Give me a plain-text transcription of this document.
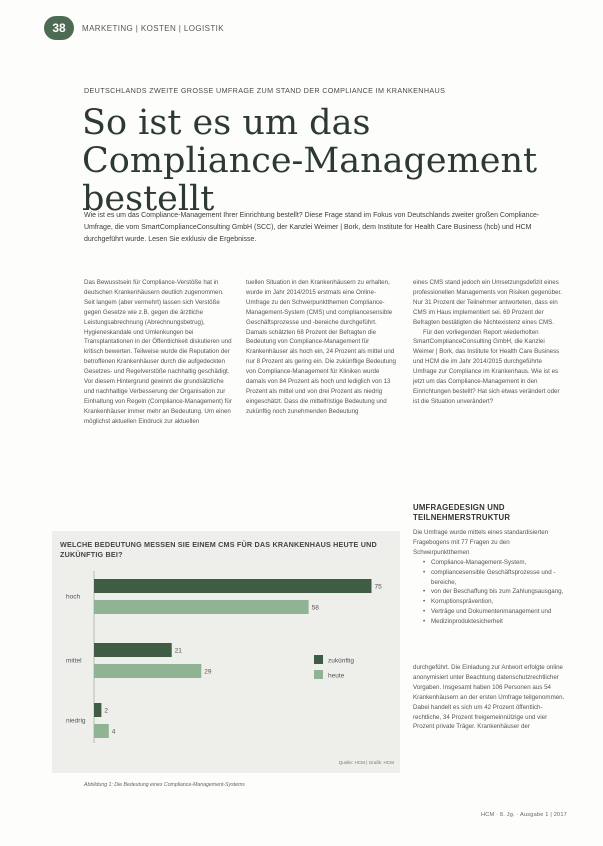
38	MARKETING | KOSTEN | LOGISTIK
DEUTSCHLANDS ZWEITE GROSSE UMFRAGE ZUM STAND DER COMPLIANCE IM KRANKENHAUS
So ist es um das Compliance-Management bestellt

Wie ist es um das Compliance-Management Ihrer Einrichtung bestellt? Diese Frage stand im Fokus von Deutschlands zweiter großen Compliance-Umfrage, die vom SmartComplianceConsulting GmbH (SCC), der Kanzlei Weimer | Bork, dem Institute for Health Care Business (hcb) und HCM durchgeführt wurde. Lesen Sie exklusiv die Ergebnisse.

Das Bewusstsein für Compliance-Verstöße hat in deutschen Krankenhäusern deutlich zugenommen. Seit langem (aber vermehrt) lassen sich Verstöße gegen Gesetze wie z.B. gegen die ärztliche Leistungsabrechnung (Abrechnungsbetrug), Hygieneskandale und Umlenkungen bei Transplantationen in der Öffentlichkeit diskutieren und kritisch bewerten. Teilweise wurde die Reputation der betroffenen Krankenhäuser durch die aufgedeckten Gesetzes- und Regelverstöße nachhaltig geschädigt. Vor diesem Hintergrund gewinnt die grundsätzliche und nachhaltige Verbesserung der Organisation zur Einhaltung von Regeln (Compliance-Management) für Krankenhäuser immer mehr an Bedeutung. Um einen möglichst aktuellen Eindruck zur aktuellen

tuellen Situation in den Krankenhäusern zu erhalten, wurde im Jahr 2014/2015 erstmals eine Online-Umfrage zu den Schwerpunktthemen Compliance-Management-System (CMS) und compliancesensible Geschäftsprozesse und -bereiche durchgeführt. Damals schätzten 68 Prozent der Befragten die Bedeutung von Compliance-Management für Krankenhäuser als hoch ein, 24 Prozent als mittel und nur 8 Prozent als gering ein. Die zukünftige Bedeutung von Compliance-Management für Kliniken wurde damals von 84 Prozent als hoch und lediglich von 13 Prozent als mittel und von drei Prozent als niedrig eingeschätzt. Dass die mittelfristige Bedeutung und zukünftig noch zunehmenden Bedeutung

eines CMS stand jedoch ein Umsetzungsdefizit eines professionellen Managements von Risiken gegenüber. Nur 31 Prozent der Teilnehmer antworteten, dass ein CMS im Haus implementiert sei. 69 Prozent der Befragten bestätigten die Nichtexistenz eines CMS.

Für den vorliegenden Report wiederholten SmartComplianceConsulting GmbH, die Kanzlei Weimer | Bork, das Institute for Health Care Business und HCM die im Jahr 2014/2015 durchgeführte Umfrage zur Compliance im Krankenhaus. Wie ist es jetzt um das Compliance-Management in den Einrichtungen bestellt? Hat sich etwas verändert oder ist die Situation unverändert?

UMFRAGEDESIGN UND TEILNEHMERSTRUKTUR

Die Umfrage wurde mittels eines standardisierten Fragebogens mit 77 Fragen zu den Schwerpunktthemen

• Compliance-Management-System,
• compliancesensible Geschäftsprozesse und -bereiche,
• von der Beschaffung bis zum Zahlungsausgang,
• Korruptionsprävention,
• Verträge und Dokumentenmanagement und
• Medizinproduktesicherheit
durchgeführt. Die Einladung zur Antwort erfolgte online anonymisiert unter Beachtung datenschutzrechtlicher Vorgaben. Insgesamt haben 106 Personen aus 54 Krankenhäusern an der ersten Umfrage teilgenommen. Dabei handelt es sich um 42 Prozent öffentlich-rechtliche, 34 Prozent freigemeinnützige und vier Prozent private Träger. Krankenhäuser der
WELCHE BEDEUTUNG MESSEN SIE EINEM CMS FÜR DAS KRANKENHAUS HEUTE UND ZUKÜNFTIG BEI?
hoch
75
58
mittel
21
29
niedrig
2
4
zukünftig
heute
Quelle: HCM | Grafik: HCM
Abbildung 1: Die Bedeutung eines Compliance-Management-Systems
HCM · 8. Jg. · Ausgabe 1 | 2017
